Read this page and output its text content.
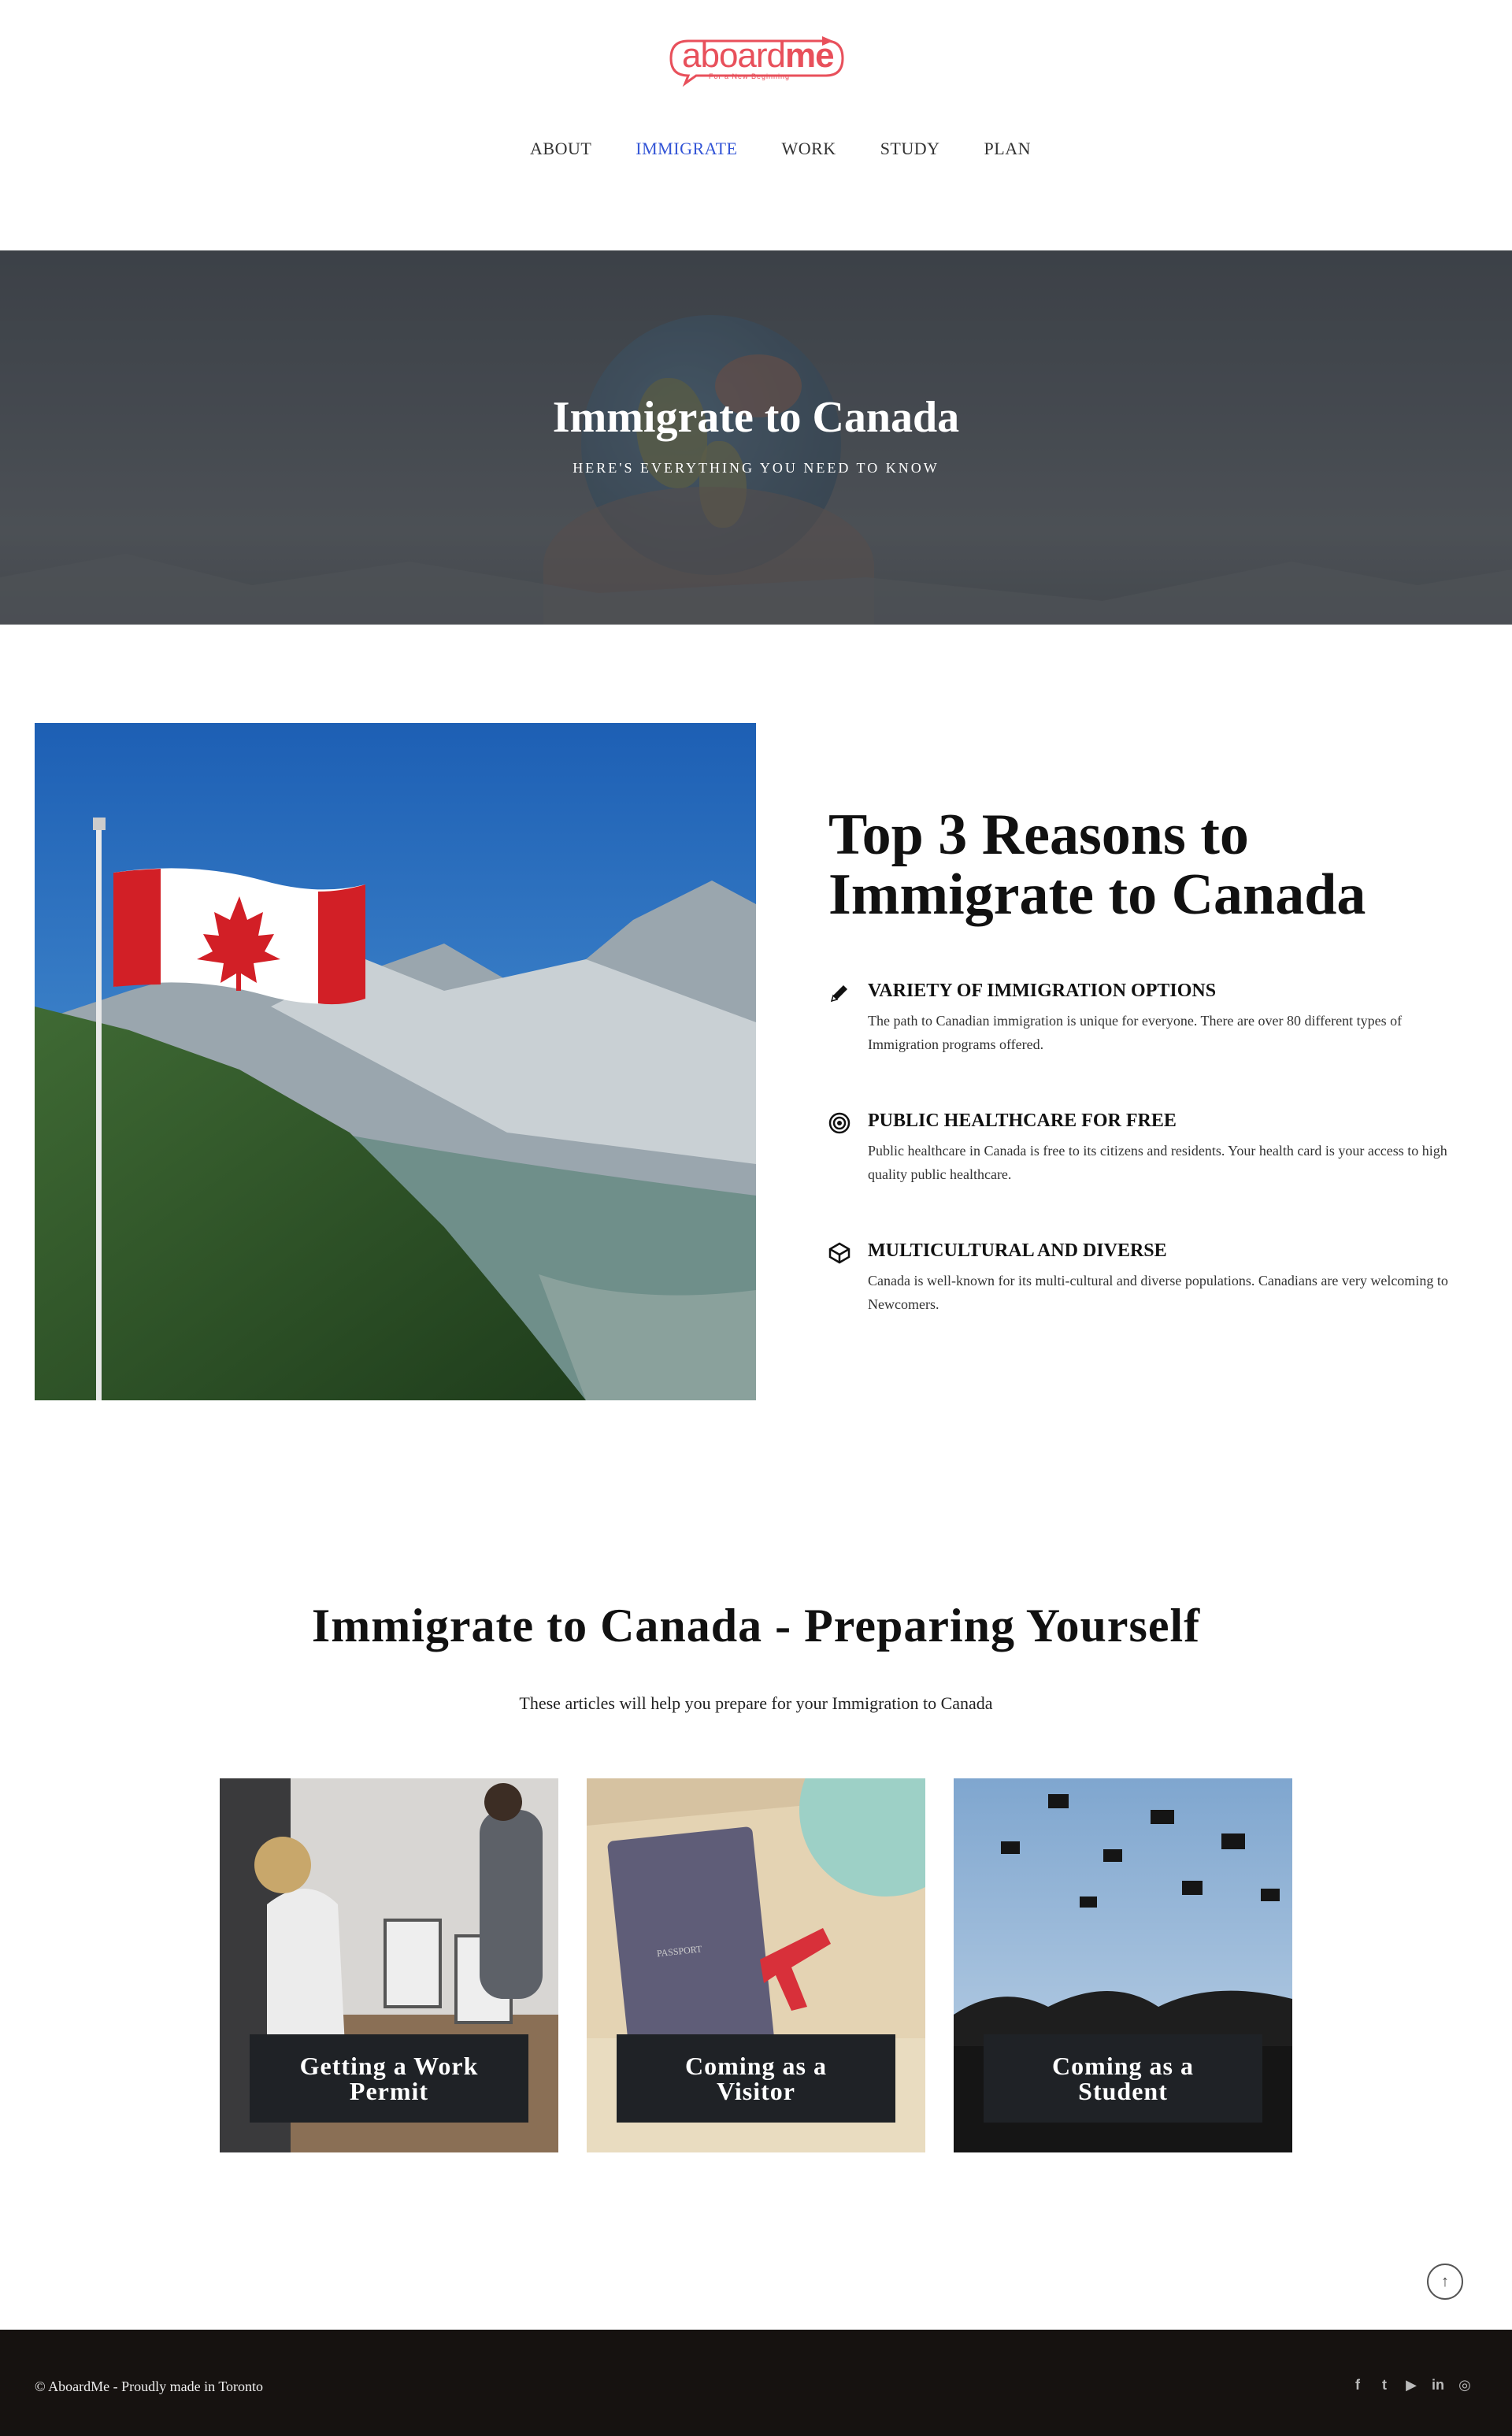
aboardme
For a New Beginning
ABOUT	IMMIGRATE	WORK	STUDY	PLAN
Immigrate to Canada
HERE'S EVERYTHING YOU NEED TO KNOW
Top 3 Reasons to
Immigrate to Canada
VARIETY OF IMMIGRATION OPTIONS
The path to Canadian immigration is unique for everyone. There are over 80 different types of Immigration programs offered.
PUBLIC HEALTHCARE FOR FREE
Public healthcare in Canada is free to its citizens and residents. Your health card is your access to high quality public healthcare.
MULTICULTURAL AND DIVERSE
Canada is well-known for its multi-cultural and diverse populations. Canadians are very welcoming to Newcomers.
Immigrate to Canada - Preparing Yourself

These articles will help you prepare for your Immigration to Canada

Getting a Work
Permit
PASSPORT
Coming as a
Visitor
Coming as a
Student
↑
© AboardMe - Proudly made in Toronto	f	t	▶ in ◎
